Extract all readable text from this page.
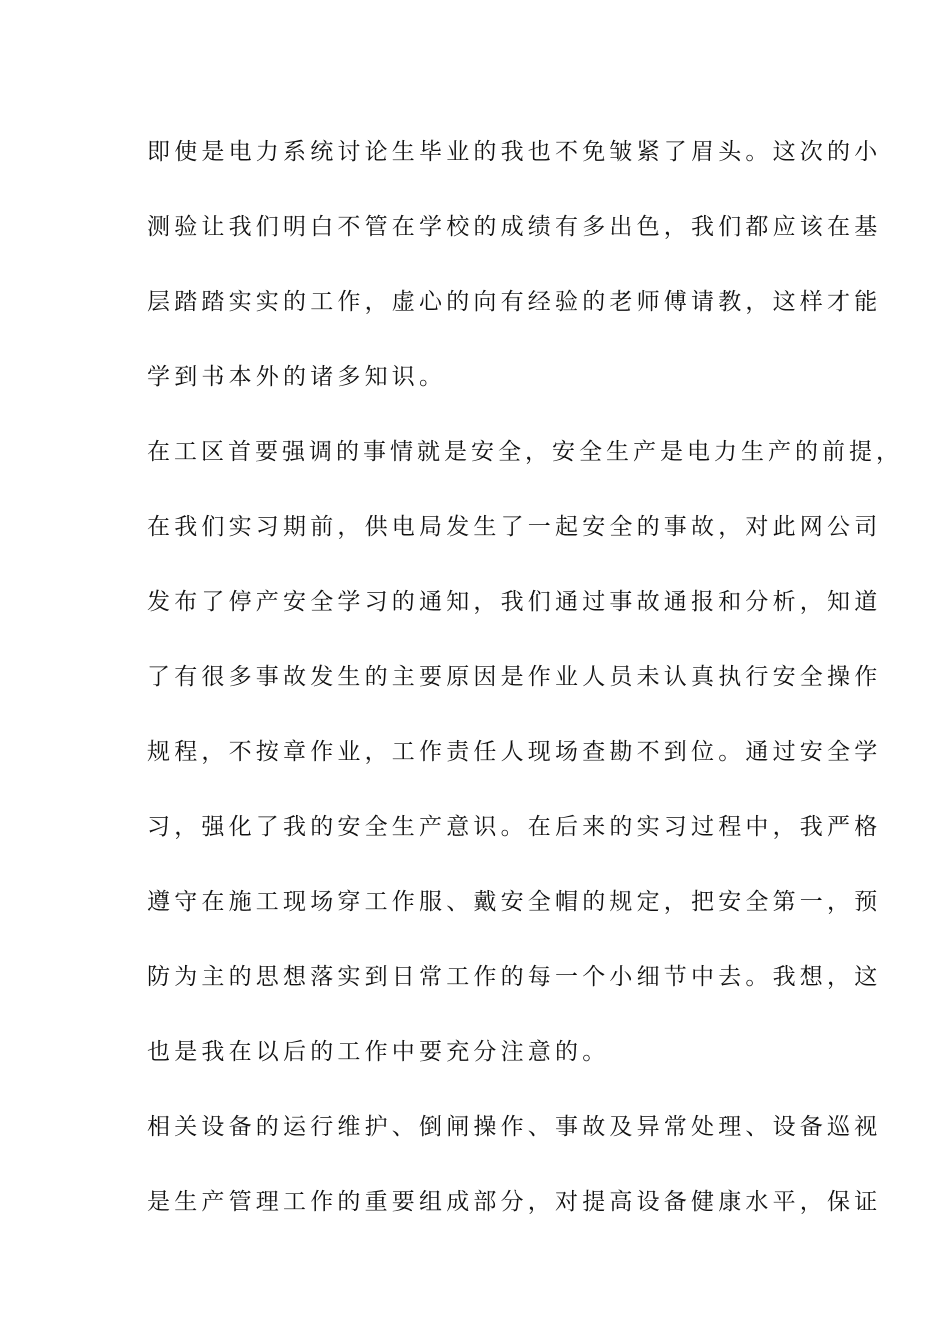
即使是电力系统讨论生毕业的我也不免皱紧了眉头。这次的小
测验让我们明白不管在学校的成绩有多出色，我们都应该在基
层踏踏实实的工作，虚心的向有经验的老师傅请教，这样才能
学到书本外的诸多知识。
在工区首要强调的事情就是安全，安全生产是电力生产的前提，
在我们实习期前，供电局发生了一起安全的事故，对此网公司
发布了停产安全学习的通知，我们通过事故通报和分析，知道
了有很多事故发生的主要原因是作业人员未认真执行安全操作
规程，不按章作业，工作责任人现场查勘不到位。通过安全学
习，强化了我的安全生产意识。在后来的实习过程中，我严格
遵守在施工现场穿工作服、戴安全帽的规定，把安全第一，预
防为主的思想落实到日常工作的每一个小细节中去。我想，这
也是我在以后的工作中要充分注意的。
相关设备的运行维护、倒闸操作、事故及异常处理、设备巡视
是生产管理工作的重要组成部分，对提高设备健康水平，保证
